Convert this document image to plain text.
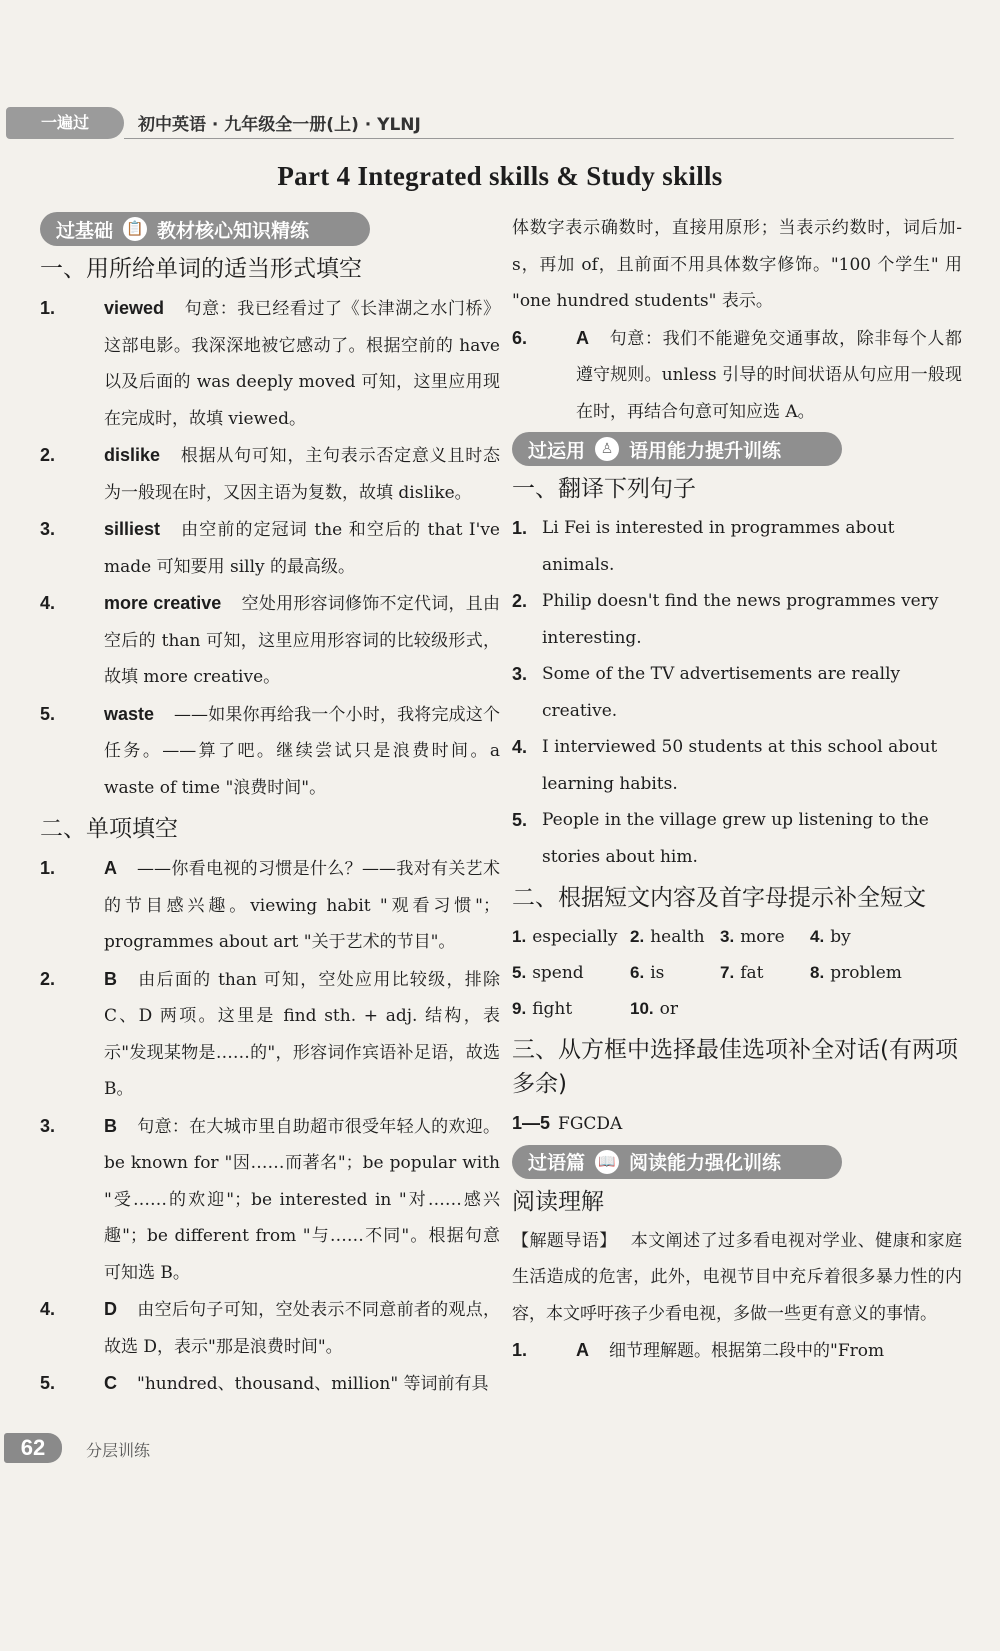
一遍过	初中英语 · 九年级全一册(上) · YLNJ
Part 4 Integrated skills & Study skills
过基础 📋 教材核心知识精练
一、用所给单词的适当形式填空
1.	viewed 句意：我已经看过了《长津湖之水门桥》这部电影。我深深地被它感动了。根据空前的 have 以及后面的 was deeply moved 可知，这里应用现在完成时，故填 viewed。
2.	dislike 根据从句可知，主句表示否定意义且时态为一般现在时，又因主语为复数，故填 dislike。
3.	silliest 由空前的定冠词 the 和空后的 that I've made 可知要用 silly 的最高级。
4.	more creative 空处用形容词修饰不定代词，且由空后的 than 可知，这里应用形容词的比较级形式，故填 more creative。
5.	waste ——如果你再给我一个小时，我将完成这个任务。——算了吧。继续尝试只是浪费时间。a waste of time "浪费时间"。
二、单项填空
1.	A ——你看电视的习惯是什么？——我对有关艺术的节目感兴趣。viewing habit "观看习惯"；programmes about art "关于艺术的节目"。
2.	B 由后面的 than 可知，空处应用比较级，排除 C、D 两项。这里是 find sth. + adj. 结构，表示"发现某物是……的"，形容词作宾语补足语，故选 B。
3.	B 句意：在大城市里自助超市很受年轻人的欢迎。be known for "因……而著名"；be popular with "受……的欢迎"；be interested in "对……感兴趣"；be different from "与……不同"。根据句意可知选 B。
4.	D 由空后句子可知，空处表示不同意前者的观点，故选 D，表示"那是浪费时间"。
5.	C "hundred、thousand、million" 等词前有具
体数字表示确数时，直接用原形；当表示约数时，词后加-s，再加 of，且前面不用具体数字修饰。"100 个学生" 用 "one hundred students" 表示。
6.	A 句意：我们不能避免交通事故，除非每个人都遵守规则。unless 引导的时间状语从句应用一般现在时，再结合句意可知应选 A。
过运用	♙ 语用能力提升训练
一、翻译下列句子
1. Li Fei is interested in programmes about animals.
2. Philip doesn't find the news programmes very interesting.
3. Some of the TV advertisements are really creative.
4. I interviewed 50 students at this school about learning habits.
5. People in the village grew up listening to the stories about him.
二、根据短文内容及首字母提示补全短文
1. especially 2. health 3. more	4. by
5. spend	6. is	7. fat	8. problem
9. fight	10. or
三、从方框中选择最佳选项补全对话(有两项多余)
1—5 FGCDA
过语篇 📖 阅读能力强化训练
阅读理解
【解题导语】 本文阐述了过多看电视对学业、健康和家庭生活造成的危害，此外，电视节目中充斥着很多暴力性的内容，本文呼吁孩子少看电视，多做一些更有意义的事情。
1.	A 细节理解题。根据第二段中的"From
62	分层训练
